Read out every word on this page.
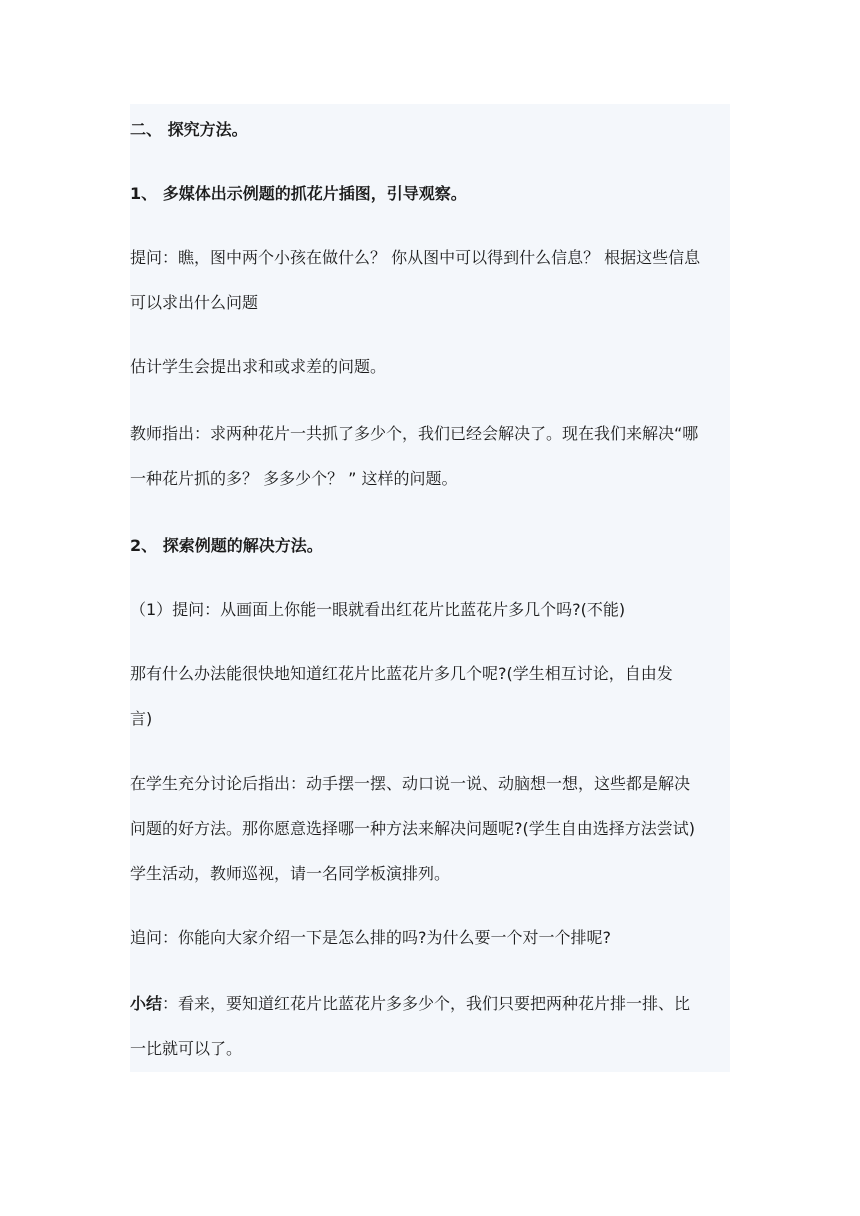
二、 探究方法。
1、 多媒体出示例题的抓花片插图，引导观察。
提问：瞧，图中两个小孩在做什么？ 你从图中可以得到什么信息？ 根据这些信息
可以求出什么问题
估计学生会提出求和或求差的问题。
教师指出：求两种花片一共抓了多少个，我们已经会解决了。现在我们来解决“哪
一种花片抓的多？ 多多少个？ ” 这样的问题。
2、 探索例题的解决方法。
（1）提问：从画面上你能一眼就看出红花片比蓝花片多几个吗?(不能)
那有什么办法能很快地知道红花片比蓝花片多几个呢?(学生相互讨论，自由发
言)
在学生充分讨论后指出：动手摆一摆、动口说一说、动脑想一想，这些都是解决
问题的好方法。那你愿意选择哪一种方法来解决问题呢?(学生自由选择方法尝试)
学生活动，教师巡视，请一名同学板演排列。
追问：你能向大家介绍一下是怎么排的吗?为什么要一个对一个排呢?
小结：看来，要知道红花片比蓝花片多多少个，我们只要把两种花片排一排、比
一比就可以了。
